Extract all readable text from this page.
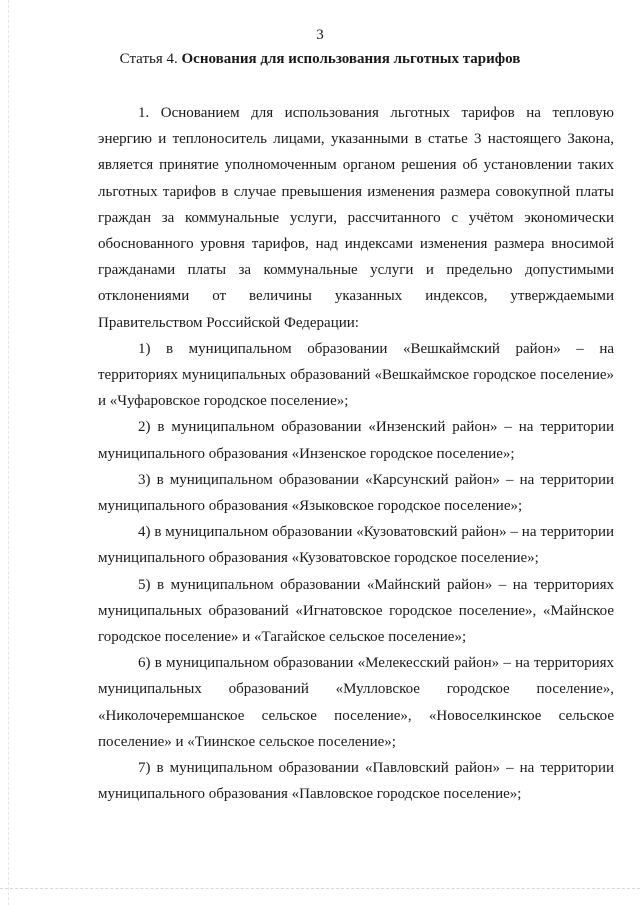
3
Статья 4. Основания для использования льготных тарифов

1. Основанием для использования льготных тарифов на тепловую энергию и теплоноситель лицами, указанными в статье 3 настоящего Закона, является принятие уполномоченным органом решения об установлении таких льготных тарифов в случае превышения изменения размера совокупной платы граждан за коммунальные услуги, рассчитанного с учётом экономически обоснованного уровня тарифов, над индексами изменения размера вносимой гражданами платы за коммунальные услуги и предельно допустимыми отклонениями от величины указанных индексов, утверждаемыми Правительством Российской Федерации:

1) в муниципальном образовании «Вешкаймский район» – на территориях муниципальных образований «Вешкаймское городское поселение» и «Чуфаровское городское поселение»;

2) в муниципальном образовании «Инзенский район» – на территории муниципального образования «Инзенское городское поселение»;

3) в муниципальном образовании «Карсунский район» – на территории муниципального образования «Языковское городское поселение»;

4) в муниципальном образовании «Кузоватовский район» – на территории муниципального образования «Кузоватовское городское поселение»;

5) в муниципальном образовании «Майнский район» – на территориях муниципальных образований «Игнатовское городское поселение», «Майнское городское поселение» и «Тагайское сельское поселение»;

6) в муниципальном образовании «Мелекесский район» – на территориях муниципальных образований «Мулловское городское поселение», «Николочеремшанское сельское поселение», «Новоселкинское сельское поселение» и «Тиинское сельское поселение»;

7) в муниципальном образовании «Павловский район» – на территории муниципального образования «Павловское городское поселение»;
